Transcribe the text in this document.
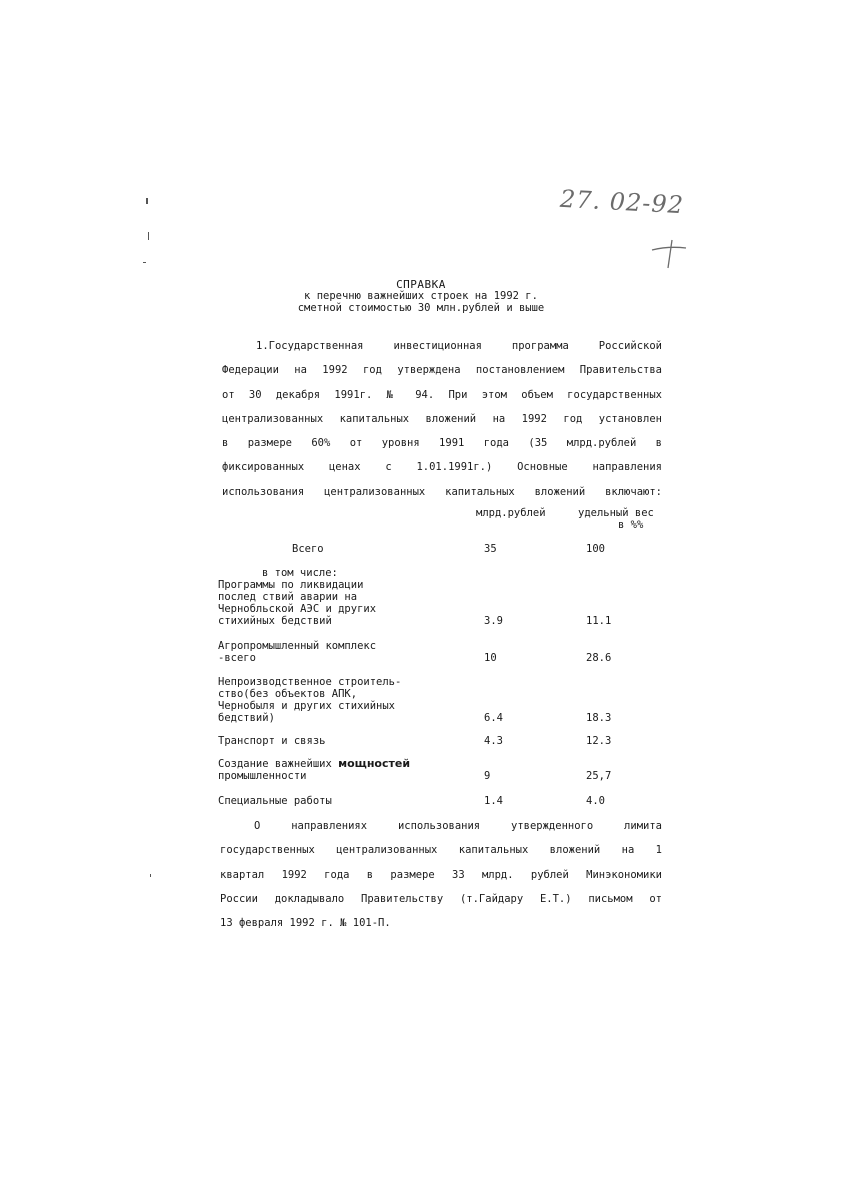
27. 02-92
СПРАВКА
к перечню важнейших строек на 1992 г.
сметной стоимостью 30 млн.рублей и выше

1.Государственная инвестиционная программа Российской

Федерации на 1992 год утверждена постановлением Правительства

от 30 декабря 1991г. № 94. При этом объем государственных

централизованных капитальных вложений на 1992 год установлен

в размере 60% от уровня 1991 года (35 млрд.рублей в

фиксированных ценах с 1.01.1991г.) Основные направления

использования централизованных капитальных вложений включают:

млрд.рублей	удельный вес
в %%
Всего	35	100
в том числе:
Программы по ликвидации
послед ствий аварии на
Чернобльской АЭС и других
стихийных бедствий	3.9	11.1
Агропромышленный комплекс
-всего	10	28.6
Непроизводственное строитель-
ство(без объектов АПК,
Чернобыля и других стихийных
бедствий)	6.4	18.3
Транспорт и связь	4.3	12.3
Создание важнейших мощностей
промышленности	9	25,7
Специальные работы	1.4	4.0

О направлениях использования утвержденного лимита

государственных централизованных капитальных вложений на 1

квартал 1992 года в размере 33 млрд. рублей Минэкономики

России докладывало Правительству (т.Гайдару Е.Т.) письмом от

13 февраля 1992 г. № 101-П.
